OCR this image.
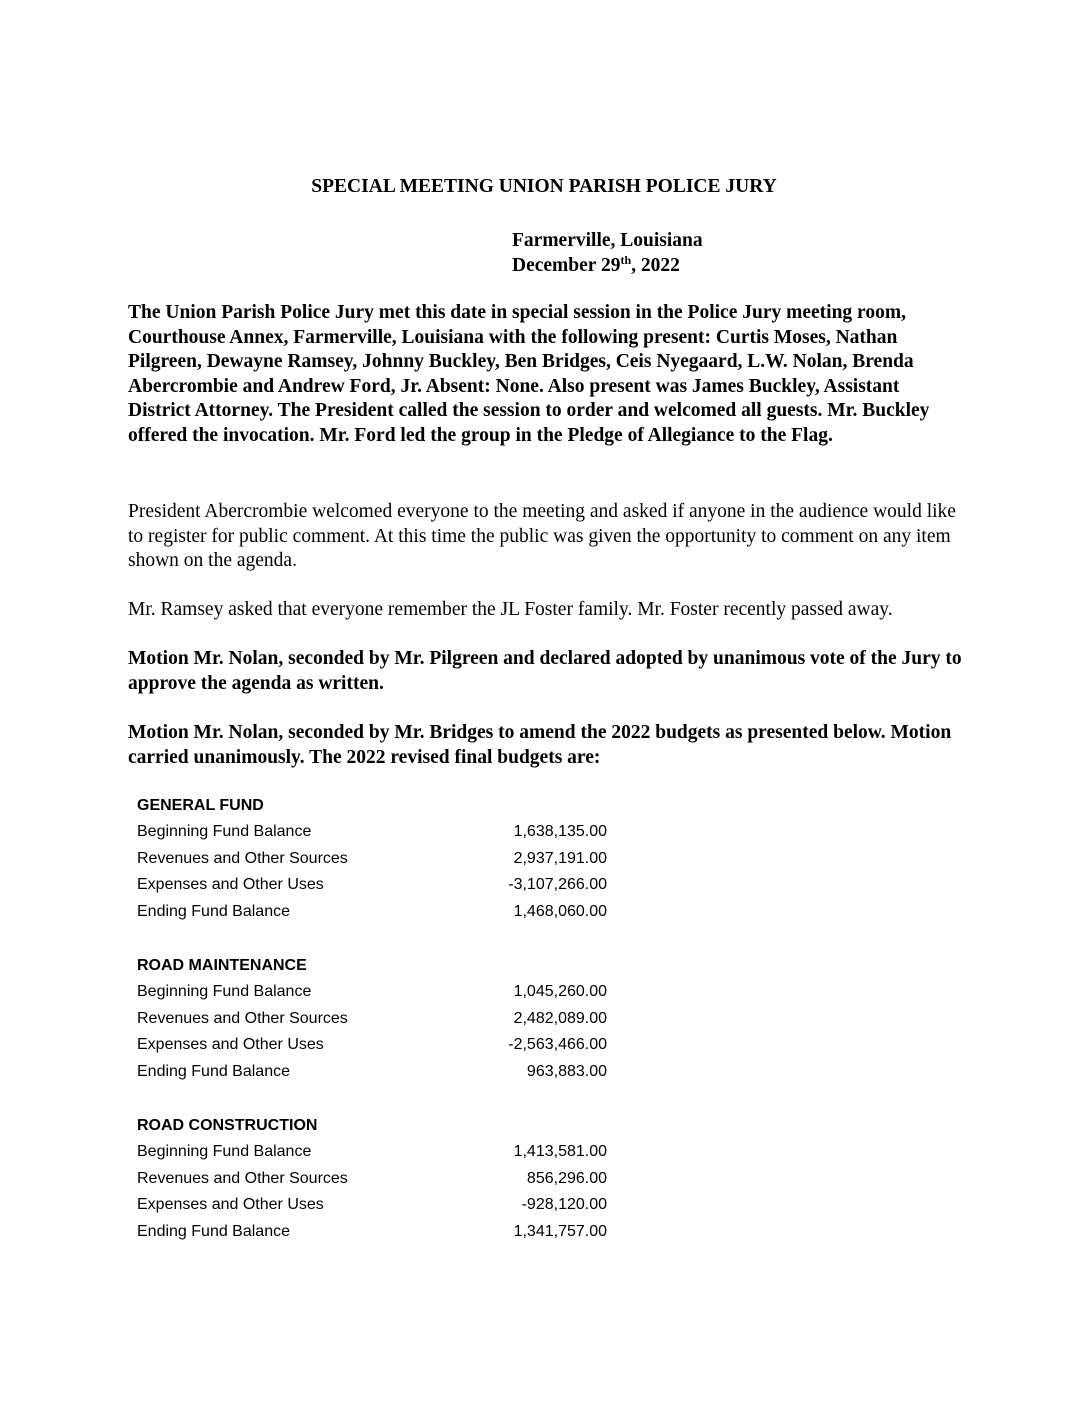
SPECIAL MEETING UNION PARISH POLICE JURY
Farmerville, Louisiana
December 29th, 2022

The Union Parish Police Jury met this date in special session in the Police Jury meeting room, Courthouse Annex, Farmerville, Louisiana with the following present: Curtis Moses, Nathan Pilgreen, Dewayne Ramsey, Johnny Buckley, Ben Bridges, Ceis Nyegaard, L.W. Nolan, Brenda Abercrombie and Andrew Ford, Jr. Absent: None. Also present was James Buckley, Assistant District Attorney. The President called the session to order and welcomed all guests. Mr. Buckley offered the invocation. Mr. Ford led the group in the Pledge of Allegiance to the Flag.

President Abercrombie welcomed everyone to the meeting and asked if anyone in the audience would like to register for public comment. At this time the public was given the opportunity to comment on any item shown on the agenda.

Mr. Ramsey asked that everyone remember the JL Foster family. Mr. Foster recently passed away.

Motion Mr. Nolan, seconded by Mr. Pilgreen and declared adopted by unanimous vote of the Jury to approve the agenda as written.

Motion Mr. Nolan, seconded by Mr. Bridges to amend the 2022 budgets as presented below. Motion carried unanimously. The 2022 revised final budgets are:

GENERAL FUND
Beginning Fund Balance	1,638,135.00
Revenues and Other Sources	2,937,191.00
Expenses and Other Uses	-3,107,266.00
Ending Fund Balance	1,468,060.00
ROAD MAINTENANCE
Beginning Fund Balance	1,045,260.00
Revenues and Other Sources	2,482,089.00
Expenses and Other Uses	-2,563,466.00
Ending Fund Balance	963,883.00
ROAD CONSTRUCTION
Beginning Fund Balance	1,413,581.00
Revenues and Other Sources	856,296.00
Expenses and Other Uses	-928,120.00
Ending Fund Balance	1,341,757.00
